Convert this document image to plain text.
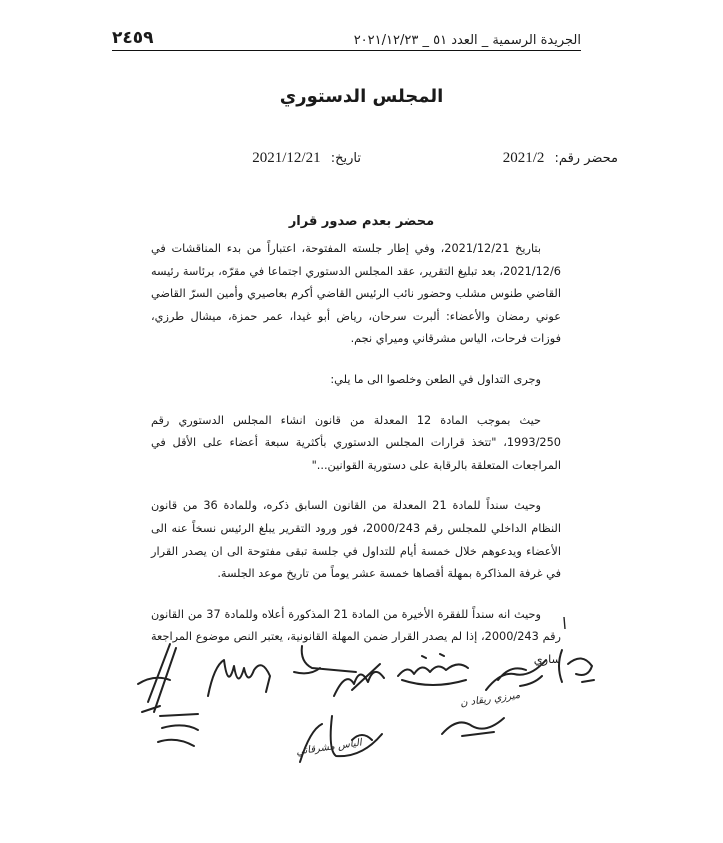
الجريدة الرسمية _ العدد ٥١ _ ٢٠٢١/١٢/٢٣
٢٤٥٩
المجلس الدستوري
محضر رقم: 2021/2
تاريخ: 2021/12/21
محضر بعدم صدور قرار

بتاريخ 2021/12/21، وفي إطار جلسته المفتوحة، اعتباراً من بدء المناقشات في 2021/12/6، بعد تبليغ التقرير، عقد المجلس الدستوري اجتماعا في مقرّه، برئاسة رئيسه القاضي طنوس مشلب وحضور نائب الرئيس القاضي أكرم بعاصيري وأمين السرّ القاضي عوني رمضان والأعضاء: ألبرت سرحان، رياض أبو غيدا، عمر حمزة، ميشال طرزي، فوزات فرحات، الياس مشرقاني وميراي نجم.

وجرى التداول في الطعن وخلصوا الى ما يلي:

حيث بموجب المادة 12 المعدلة من قانون انشاء المجلس الدستوري رقم 1993/250، "تتخذ قرارات المجلس الدستوري بأكثرية سبعة أعضاء على الأقل في المراجعات المتعلقة بالرقابة على دستورية القوانين..."

وحيث سنداً للمادة 21 المعدلة من القانون السابق ذكره، وللمادة 36 من قانون النظام الداخلي للمجلس رقم 2000/243، فور ورود التقرير يبلغ الرئيس نسخاً عنه الى الأعضاء ويدعوهم خلال خمسة أيام للتداول في جلسة تبقى مفتوحة الى ان يصدر القرار في غرفة المذاكرة بمهلة أقصاها خمسة عشر يوماً من تاريخ موعد الجلسة.

وحيث انه سنداً للفقرة الأخيرة من المادة 21 المذكورة أعلاه وللمادة 37 من القانون رقم 2000/243، إذا لم يصدر القرار ضمن المهلة القانونية، يعتبر النص موضوع المراجعة ساري

ميرزي ريقاد ن
الياس مشرقاني
